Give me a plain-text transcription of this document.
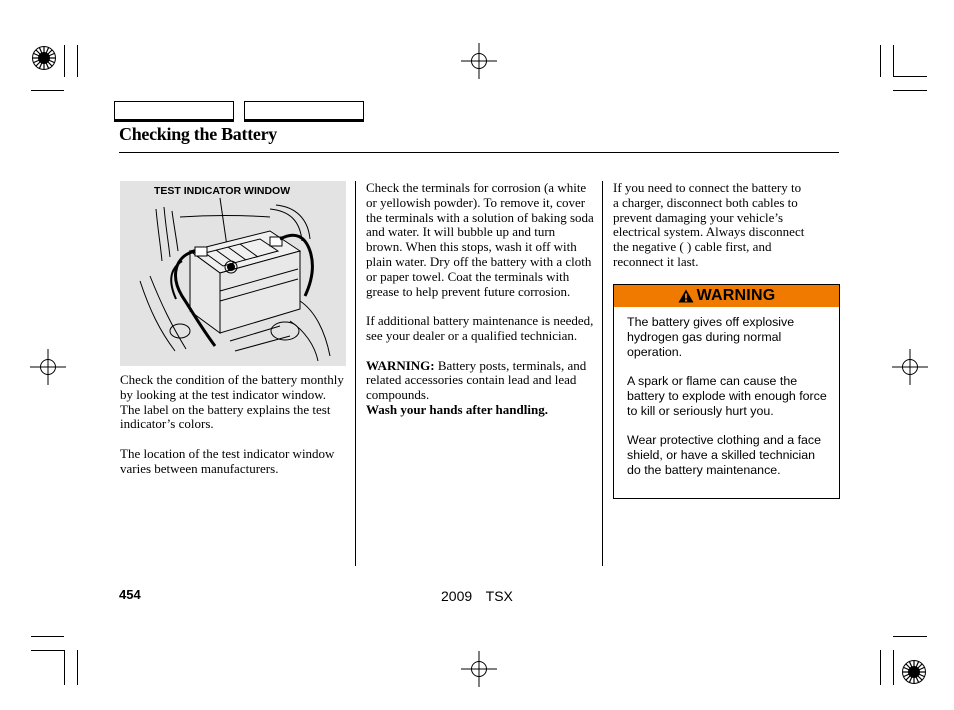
Checking the Battery
TEST INDICATOR WINDOW

Check the condition of the battery monthly by looking at the test indicator window. The label on the battery explains the test indicator’s colors.

The location of the test indicator window varies between manufacturers.

Check the terminals for corrosion (a white or yellowish powder). To remove it, cover the terminals with a solution of baking soda and water. It will bubble up and turn brown. When this stops, wash it off with plain water. Dry off the battery with a cloth or paper towel. Coat the terminals with grease to help prevent future corrosion.

If additional battery maintenance is needed, see your dealer or a qualified technician.

WARNING: Battery posts, terminals, and related accessories contain lead and lead compounds.
Wash your hands after handling.

If you need to connect the battery to
a charger, disconnect both cables to
prevent damaging your vehicle’s
electrical system. Always disconnect
the negative ( ) cable first, and
reconnect it last.
WARNING

The battery gives off explosive hydrogen gas during normal operation.

A spark or flame can cause the battery to explode with enough force to kill or seriously hurt you.

Wear protective clothing and a face shield, or have a skilled technician do the battery maintenance.

454	2009  TSX
